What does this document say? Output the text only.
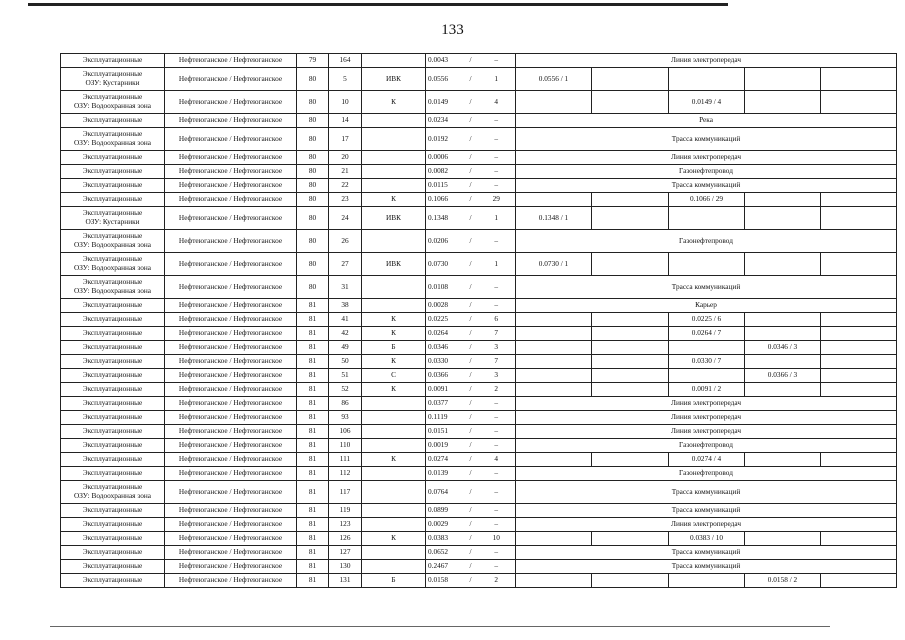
133
Эксплуатационные	Нефтеюганское / Нефтеюганское	79	164		0.0043	/	–	Линия электропередач				

Эксплуатационные
ОЗУ: Кустарники	Нефтеюганское / Нефтеюганское	80	5	ИВК	0.0556	/	1	0.0556 / 1				

Эксплуатационные
ОЗУ: Водоохранная зона	Нефтеюганское / Нефтеюганское	80	10	К	0.0149	/	4			0.0149 / 4		

Эксплуатационные	Нефтеюганское / Нефтеюганское	80	14		0.0234	/	–	Река				

Эксплуатационные
ОЗУ: Водоохранная зона	Нефтеюганское / Нефтеюганское	80	17		0.0192	/	–	Трасса коммуникаций				

Эксплуатационные	Нефтеюганское / Нефтеюганское	80	20		0.0006	/	–	Линия электропередач				

Эксплуатационные	Нефтеюганское / Нефтеюганское	80	21		0.0082	/	–	Газонефтепровод				

Эксплуатационные	Нефтеюганское / Нефтеюганское	80	22		0.0115	/	–	Трасса коммуникаций				

Эксплуатационные	Нефтеюганское / Нефтеюганское	80	23	К	0.1066	/	29			0.1066 / 29		

Эксплуатационные
ОЗУ: Кустарники	Нефтеюганское / Нефтеюганское	80	24	ИВК	0.1348	/	1	0.1348 / 1				

Эксплуатационные
ОЗУ: Водоохранная зона	Нефтеюганское / Нефтеюганское	80	26		0.0206	/	–	Газонефтепровод				

Эксплуатационные
ОЗУ: Водоохранная зона	Нефтеюганское / Нефтеюганское	80	27	ИВК	0.0730	/	1	0.0730 / 1				

Эксплуатационные
ОЗУ: Водоохранная зона	Нефтеюганское / Нефтеюганское	80	31		0.0108	/	–	Трасса коммуникаций				

Эксплуатационные	Нефтеюганское / Нефтеюганское	81	38		0.0028	/	–	Карьер				

Эксплуатационные	Нефтеюганское / Нефтеюганское	81	41	К	0.0225	/	6			0.0225 / 6		

Эксплуатационные	Нефтеюганское / Нефтеюганское	81	42	К	0.0264	/	7			0.0264 / 7		

Эксплуатационные	Нефтеюганское / Нефтеюганское	81	49	Б	0.0346	/	3				0.0346 / 3	

Эксплуатационные	Нефтеюганское / Нефтеюганское	81	50	К	0.0330	/	7			0.0330 / 7		

Эксплуатационные	Нефтеюганское / Нефтеюганское	81	51	С	0.0366	/	3				0.0366 / 3	

Эксплуатационные	Нефтеюганское / Нефтеюганское	81	52	К	0.0091	/	2			0.0091 / 2		

Эксплуатационные	Нефтеюганское / Нефтеюганское	81	86		0.0377	/	–	Линия электропередач				

Эксплуатационные	Нефтеюганское / Нефтеюганское	81	93		0.1119	/	–	Линия электропередач				

Эксплуатационные	Нефтеюганское / Нефтеюганское	81	106		0.0151	/	–	Линия электропередач				

Эксплуатационные	Нефтеюганское / Нефтеюганское	81	110		0.0019	/	–	Газонефтепровод				

Эксплуатационные	Нефтеюганское / Нефтеюганское	81	111	К	0.0274	/	4			0.0274 / 4		

Эксплуатационные	Нефтеюганское / Нефтеюганское	81	112		0.0139	/	–	Газонефтепровод				

Эксплуатационные
ОЗУ: Водоохранная зона	Нефтеюганское / Нефтеюганское	81	117		0.0764	/	–	Трасса коммуникаций				

Эксплуатационные	Нефтеюганское / Нефтеюганское	81	119		0.0899	/	–	Трасса коммуникаций				

Эксплуатационные	Нефтеюганское / Нефтеюганское	81	123		0.0029	/	–	Линия электропередач				

Эксплуатационные	Нефтеюганское / Нефтеюганское	81	126	К	0.0383	/	10			0.0383 / 10		

Эксплуатационные	Нефтеюганское / Нефтеюганское	81	127		0.0652	/	–	Трасса коммуникаций				

Эксплуатационные	Нефтеюганское / Нефтеюганское	81	130		0.2467	/	–	Трасса коммуникаций				

Эксплуатационные	Нефтеюганское / Нефтеюганское	81	131	Б	0.0158	/	2				0.0158 / 2	
